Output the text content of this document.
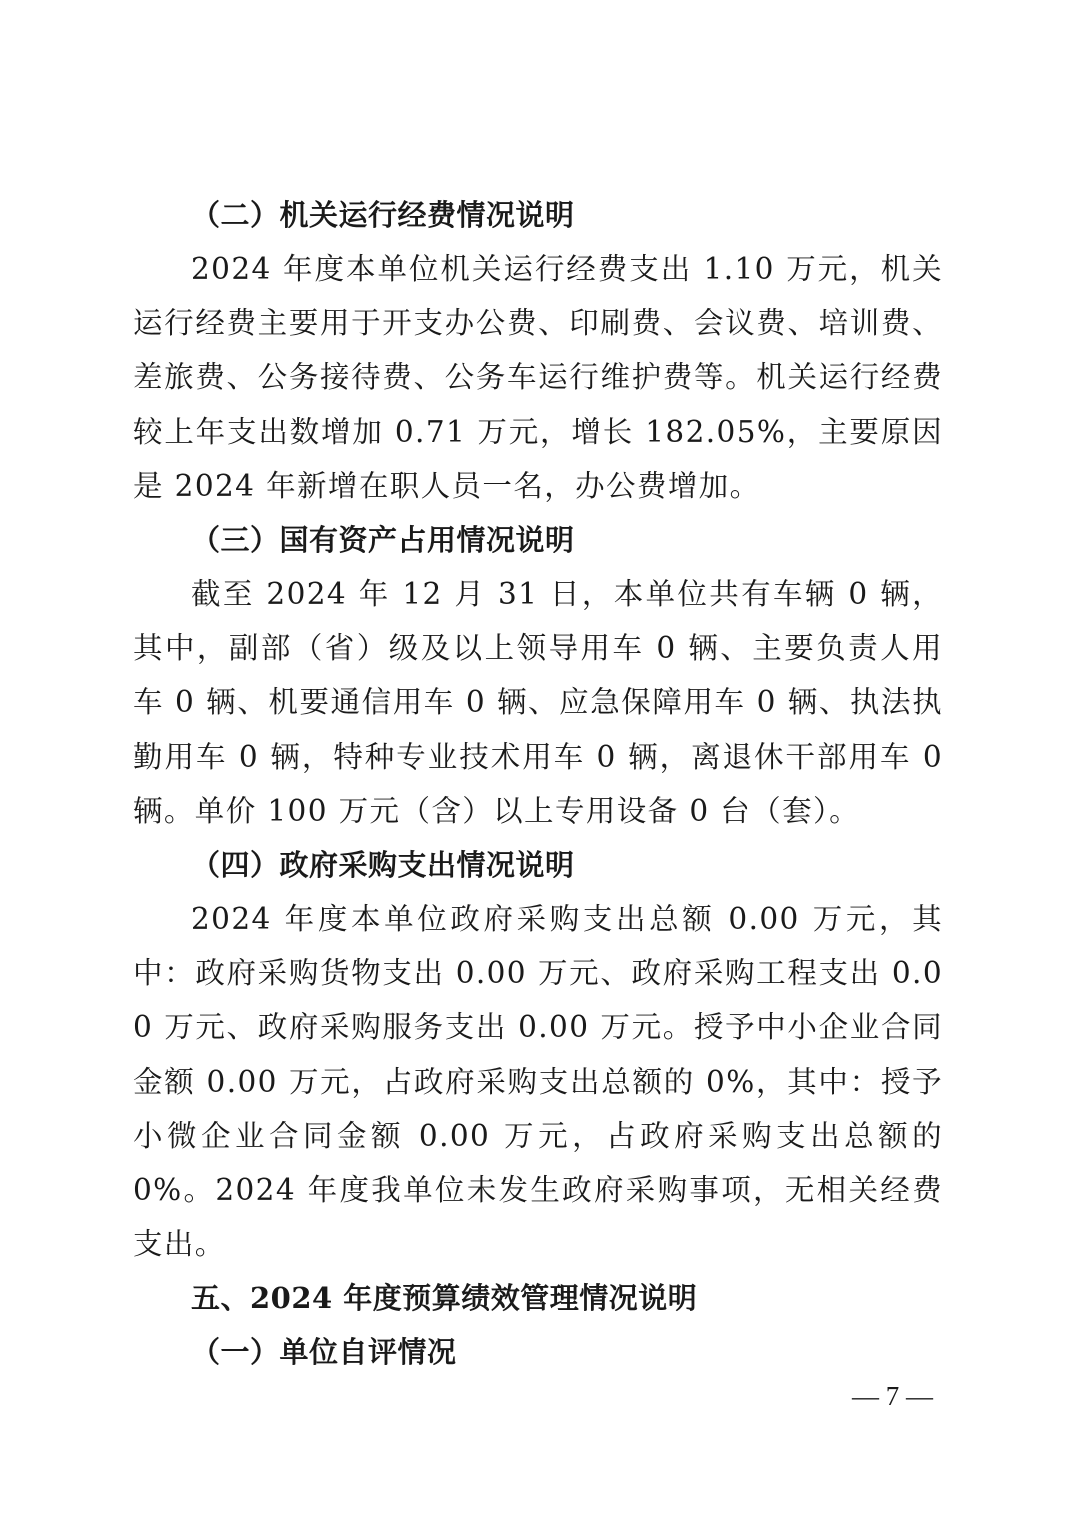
（二）机关运行经费情况说明

2024 年度本单位机关运行经费支出 1.10 万元，机关运行经费主要用于开支办公费、印刷费、会议费、培训费、差旅费、公务接待费、公务车运行维护费等。机关运行经费较上年支出数增加 0.71 万元，增长 182.05%，主要原因是 2024 年新增在职人员一名，办公费增加。

（三）国有资产占用情况说明

截至 2024 年 12 月 31 日，本单位共有车辆 0 辆，其中，副部（省）级及以上领导用车 0 辆、主要负责人用车 0 辆、机要通信用车 0 辆、应急保障用车 0 辆、执法执勤用车 0 辆，特种专业技术用车 0 辆，离退休干部用车 0 辆。单价 100 万元（含）以上专用设备 0 台（套）。

（四）政府采购支出情况说明

2024 年度本单位政府采购支出总额 0.00 万元，其中：政府采购货物支出 0.00 万元、政府采购工程支出 0.00 万元、政府采购服务支出 0.00 万元。授予中小企业合同金额 0.00 万元，占政府采购支出总额的 0%，其中：授予小微企业合同金额 0.00 万元，占政府采购支出总额的 0%。2024 年度我单位未发生政府采购事项，无相关经费支出。

五、2024 年度预算绩效管理情况说明
（一）单位自评情况
— 7 —
